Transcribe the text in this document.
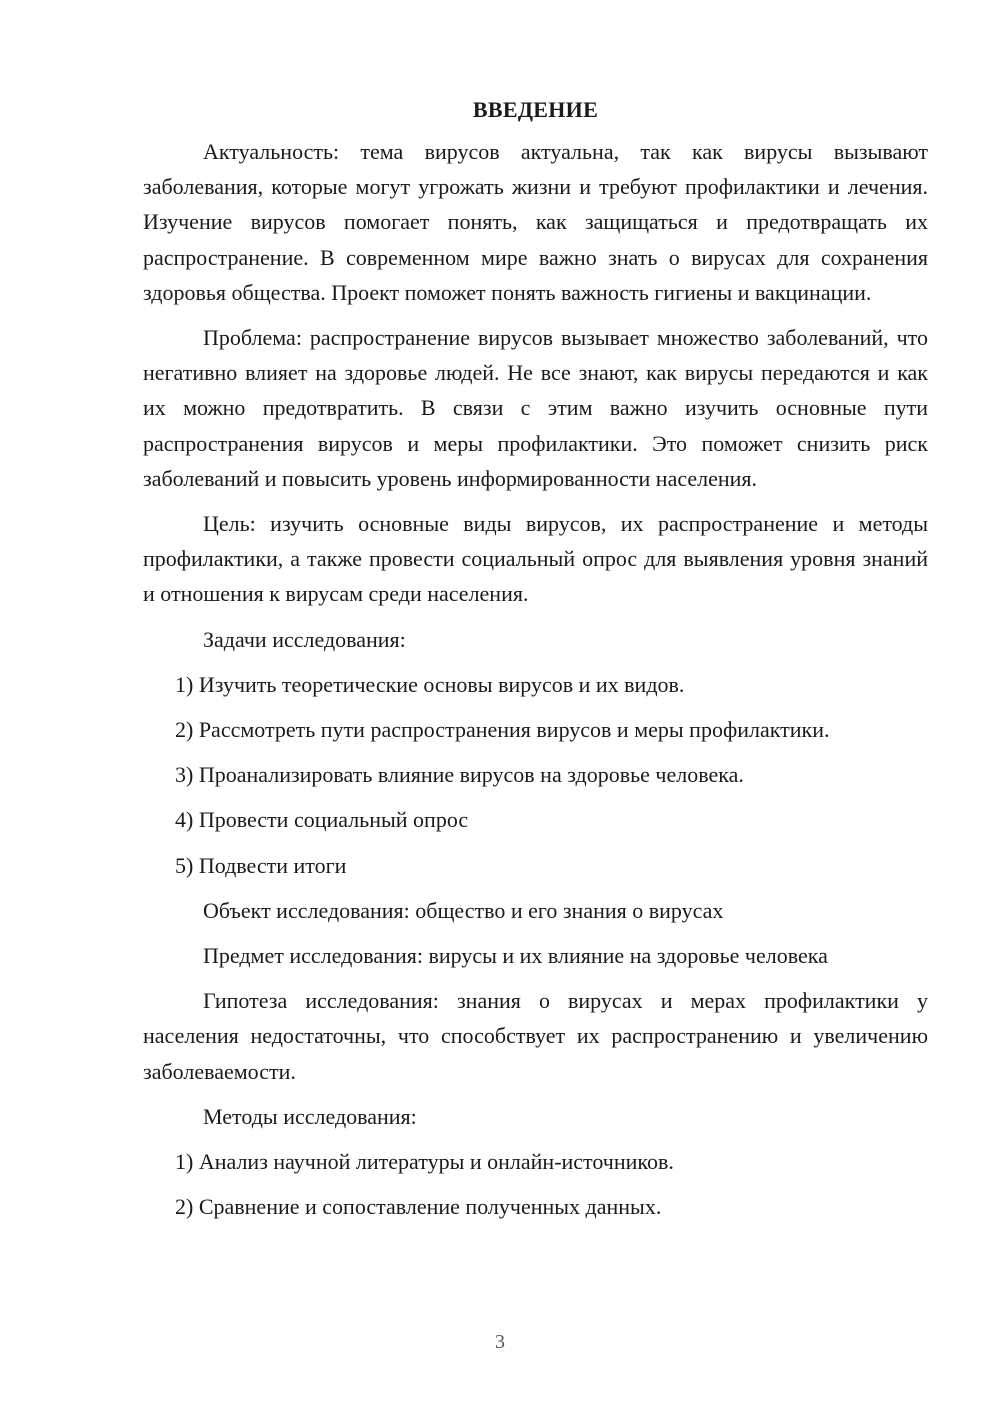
ВВЕДЕНИЕ

Актуальность: тема вирусов актуальна, так как вирусы вызывают заболевания, которые могут угрожать жизни и требуют профилактики и лечения. Изучение вирусов помогает понять, как защищаться и предотвращать их распространение. В современном мире важно знать о вирусах для сохранения здоровья общества. Проект поможет понять важность гигиены и вакцинации.

Проблема: распространение вирусов вызывает множество заболеваний, что негативно влияет на здоровье людей. Не все знают, как вирусы передаются и как их можно предотвратить. В связи с этим важно изучить основные пути распространения вирусов и меры профилактики. Это поможет снизить риск заболеваний и повысить уровень информированности населения.

Цель: изучить основные виды вирусов, их распространение и методы профилактики, а также провести социальный опрос для выявления уровня знаний и отношения к вирусам среди населения.

Задачи исследования:
1) Изучить теоретические основы вирусов и их видов.
2) Рассмотреть пути распространения вирусов и меры профилактики.
3) Проанализировать влияние вирусов на здоровье человека.
4) Провести социальный опрос
5) Подвести итоги
Объект исследования: общество и его знания о вирусах
Предмет исследования: вирусы и их влияние на здоровье человека

Гипотеза исследования: знания о вирусах и мерах профилактики у населения недостаточны, что способствует их распространению и увеличению заболеваемости.

Методы исследования:
1) Анализ научной литературы и онлайн-источников.
2) Сравнение и сопоставление полученных данных.
3
